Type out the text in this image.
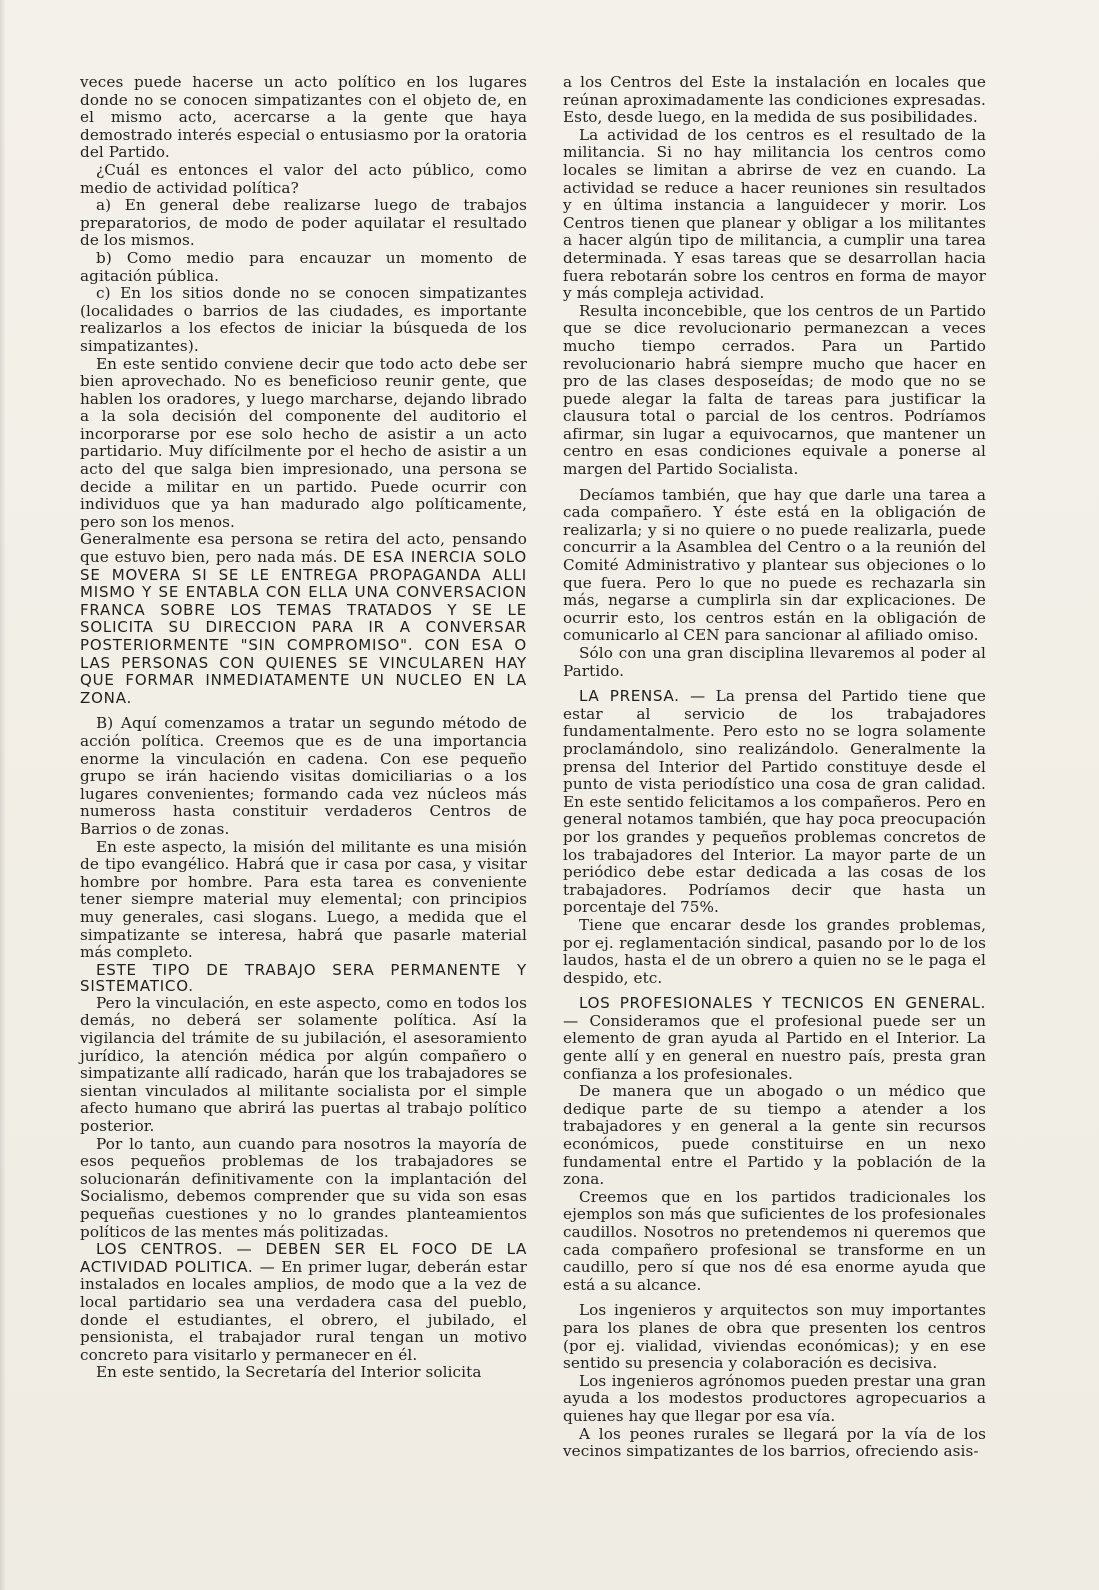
veces puede hacerse un acto político en los lugares donde no se conocen simpatizantes con el objeto de, en el mismo acto, acercarse a la gente que haya demostrado interés especial o entusiasmo por la oratoria del Partido.

¿Cuál es entonces el valor del acto público, como medio de actividad política?

a) En general debe realizarse luego de trabajos preparatorios, de modo de poder aquilatar el resultado de los mismos.

b) Como medio para encauzar un momento de agitación pública.

c) En los sitios donde no se conocen simpatizantes (localidades o barrios de las ciudades, es importante realizarlos a los efectos de iniciar la búsqueda de los simpatizantes).

En este sentido conviene decir que todo acto debe ser bien aprovechado. No es beneficioso reunir gente, que hablen los oradores, y luego marcharse, dejando librado a la sola decisión del componente del auditorio el incorporarse por ese solo hecho de asistir a un acto partidario. Muy difícilmente por el hecho de asistir a un acto del que salga bien impresionado, una persona se decide a militar en un partido. Puede ocurrir con individuos que ya han madurado algo políticamente, pero son los menos.

Generalmente esa persona se retira del acto, pensando que estuvo bien, pero nada más. DE ESA INERCIA SOLO SE MOVERA SI SE LE ENTREGA PROPAGANDA ALLI MISMO Y SE ENTABLA CON ELLA UNA CONVERSACION FRANCA SOBRE LOS TEMAS TRATADOS Y SE LE SOLICITA SU DIRECCION PARA IR A CONVERSAR POSTERIORMENTE "SIN COMPROMISO". CON ESA O LAS PERSONAS CON QUIENES SE VINCULAREN HAY QUE FORMAR INMEDIATAMENTE UN NUCLEO EN LA ZONA.

B) Aquí comenzamos a tratar un segundo método de acción política. Creemos que es de una importancia enorme la vinculación en cadena. Con ese pequeño grupo se irán haciendo visitas domiciliarias o a los lugares convenientes; formando cada vez núcleos más numeross hasta constituir verdaderos Centros de Barrios o de zonas.

En este aspecto, la misión del militante es una misión de tipo evangélico. Habrá que ir casa por casa, y visitar hombre por hombre. Para esta tarea es conveniente tener siempre material muy elemental; con principios muy generales, casi slogans. Luego, a medida que el simpatizante se interesa, habrá que pasarle material más completo.

ESTE TIPO DE TRABAJO SERA PERMANENTE Y SISTEMATICO.

Pero la vinculación, en este aspecto, como en todos los demás, no deberá ser solamente política. Así la vigilancia del trámite de su jubilación, el asesoramiento jurídico, la atención médica por algún compañero o simpatizante allí radicado, harán que los trabajadores se sientan vinculados al militante socialista por el simple afecto humano que abrirá las puertas al trabajo político posterior.

Por lo tanto, aun cuando para nosotros la mayoría de esos pequeños problemas de los trabajadores se solucionarán definitivamente con la implantación del Socialismo, debemos comprender que su vida son esas pequeñas cuestiones y no lo grandes planteamientos políticos de las mentes más politizadas.

LOS CENTROS. — DEBEN SER EL FOCO DE LA ACTIVIDAD POLITICA. — En primer lugar, deberán estar instalados en locales amplios, de modo que a la vez de local partidario sea una verdadera casa del pueblo, donde el estudiantes, el obrero, el jubilado, el pensionista, el trabajador rural tengan un motivo concreto para visitarlo y permanecer en él.

En este sentido, la Secretaría del Interior solicita

a los Centros del Este la instalación en locales que reúnan aproximadamente las condiciones expresadas. Esto, desde luego, en la medida de sus posibilidades.

La actividad de los centros es el resultado de la militancia. Si no hay militancia los centros como locales se limitan a abrirse de vez en cuando. La actividad se reduce a hacer reuniones sin resultados y en última instancia a languidecer y morir. Los Centros tienen que planear y obligar a los militantes a hacer algún tipo de militancia, a cumplir una tarea determinada. Y esas tareas que se desarrollan hacia fuera rebotarán sobre los centros en forma de mayor y más compleja actividad.

Resulta inconcebible, que los centros de un Partido que se dice revolucionario permanezcan a veces mucho tiempo cerrados. Para un Partido revolucionario habrá siempre mucho que hacer en pro de las clases desposeídas; de modo que no se puede alegar la falta de tareas para justificar la clausura total o parcial de los centros. Podríamos afirmar, sin lugar a equivocarnos, que mantener un centro en esas condiciones equivale a ponerse al margen del Partido Socialista.

Decíamos también, que hay que darle una tarea a cada compañero. Y éste está en la obligación de realizarla; y si no quiere o no puede realizarla, puede concurrir a la Asamblea del Centro o a la reunión del Comité Administrativo y plantear sus objeciones o lo que fuera. Pero lo que no puede es rechazarla sin más, negarse a cumplirla sin dar explicaciones. De ocurrir esto, los centros están en la obligación de comunicarlo al CEN para sancionar al afiliado omiso.

Sólo con una gran disciplina llevaremos al poder al Partido.

LA PRENSA. — La prensa del Partido tiene que estar al servicio de los trabajadores fundamentalmente. Pero esto no se logra solamente proclamándolo, sino realizándolo. Generalmente la prensa del Interior del Partido constituye desde el punto de vista periodístico una cosa de gran calidad. En este sentido felicitamos a los compañeros. Pero en general notamos también, que hay poca preocupación por los grandes y pequeños problemas concretos de los trabajadores del Interior. La mayor parte de un periódico debe estar dedicada a las cosas de los trabajadores. Podríamos decir que hasta un porcentaje del 75%.

Tiene que encarar desde los grandes problemas, por ej. reglamentación sindical, pasando por lo de los laudos, hasta el de un obrero a quien no se le paga el despido, etc.

LOS PROFESIONALES Y TECNICOS EN GENERAL. — Consideramos que el profesional puede ser un elemento de gran ayuda al Partido en el Interior. La gente allí y en general en nuestro país, presta gran confianza a los profesionales.

De manera que un abogado o un médico que dedique parte de su tiempo a atender a los trabajadores y en general a la gente sin recursos económicos, puede constituirse en un nexo fundamental entre el Partido y la población de la zona.

Creemos que en los partidos tradicionales los ejemplos son más que suficientes de los profesionales caudillos. Nosotros no pretendemos ni queremos que cada compañero profesional se transforme en un caudillo, pero sí que nos dé esa enorme ayuda que está a su alcance.

Los ingenieros y arquitectos son muy importantes para los planes de obra que presenten los centros (por ej. vialidad, viviendas económicas); y en ese sentido su presencia y colaboración es decisiva.

Los ingenieros agrónomos pueden prestar una gran ayuda a los modestos productores agropecuarios a quienes hay que llegar por esa vía.

A los peones rurales se llegará por la vía de los vecinos simpatizantes de los barrios, ofreciendo asis-
